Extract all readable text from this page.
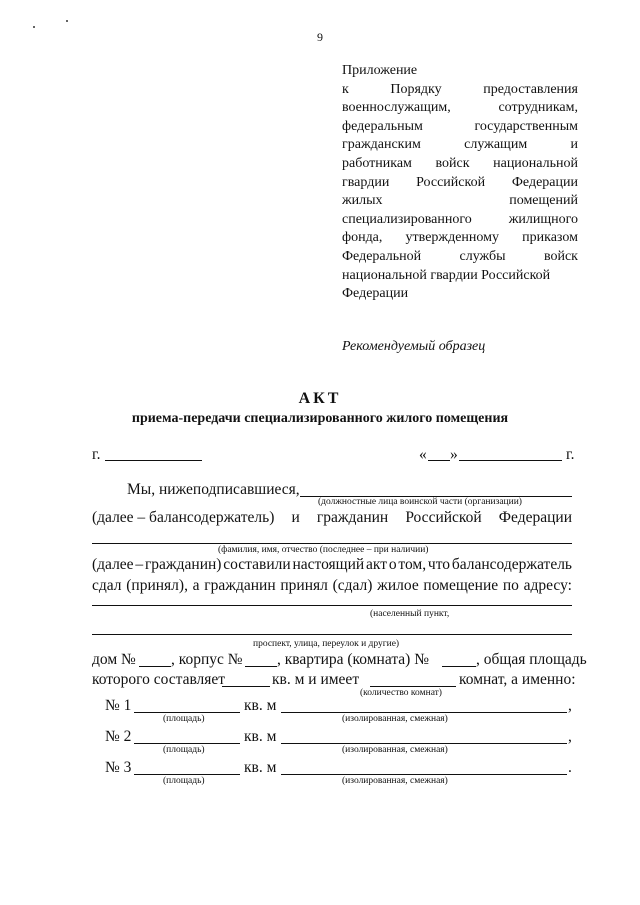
9
Приложение
к	Порядку	предоставления
военнослужащим,	сотрудникам,
федеральным	государственным
гражданским	служащим	и
работникам войск национальной
гвардии Российской Федерации
жилых	помещений
специализированного	жилищного
фонда, утвержденному приказом
Федеральной	службы	войск
национальной гвардии Российской
Федерации
Рекомендуемый образец
АКТ
приема-передачи специализированного жилого помещения
г.	« »	г.
Мы, нижеподписавшиеся,
(должностные лица воинской части (организации)
(далее – балансодержатель) и гражданин Российской Федерации
(фамилия, имя, отчество (последнее – при наличии)
(далее – гражданин) составили настоящий акт о том, что балансодержатель
сдал (принял), а гражданин принял (сдал) жилое помещение по адресу:
(населенный пункт,
проспект, улица, переулок и другие)
дом № , корпус № , квартира (комната) №	, общая площадь
которого составляет	кв. м и имеет
(количество комнат)
комнат, а именно:
№ 1	кв. м	,
(площадь)	(изолированная, смежная)
№ 2	кв. м	,
(площадь)	(изолированная, смежная)
№ 3	кв. м	.
(площадь)	(изолированная, смежная)
